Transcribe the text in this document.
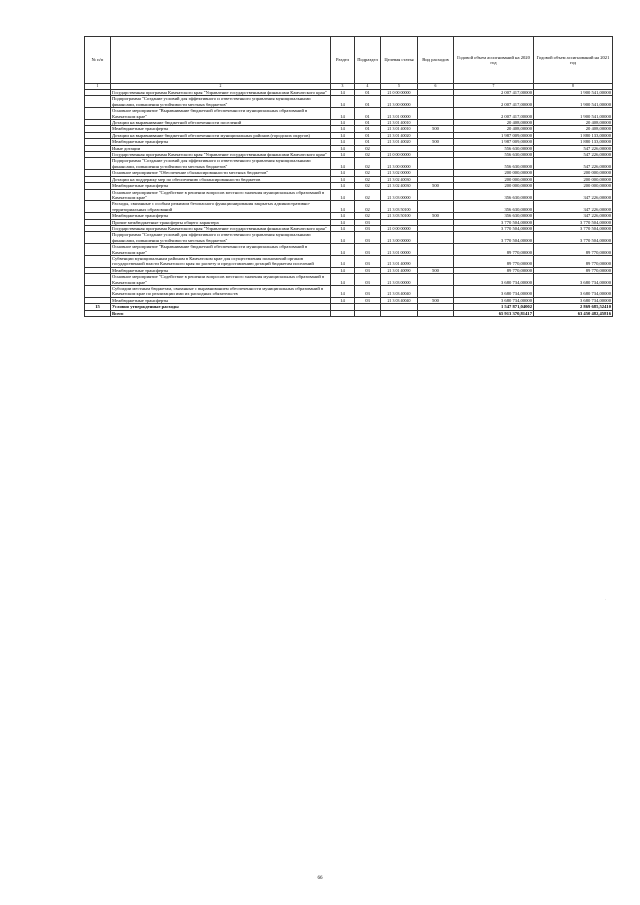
№ п/п		Раздел	Подраздел	Целевая статья	Вид расходов	Годовой объем ассигнований на 2020 год	Годовой объем ассигнований на 2021 год
1	2	3	4	5	6	7	8
	Государственная программа Камчатского края "Управление государственными финансами Камчатского края"	14	01	21 0 00 00000		2 007 417,00000	1 900 541,00000
	Подпрограмма "Создание условий для эффективного и ответственного управления муниципальными финансами, повышения устойчивости местных бюджетов"	14	01	21 3 00 00000		2 007 417,00000	1 900 541,00000
	Основное мероприятие "Выравнивание бюджетной обеспеченности муниципальных образований в Камчатском крае"	14	01	21 3 01 00000		2 007 417,00000	1 900 541,00000
	Дотации на выравнивание бюджетной обеспеченности поселений	14	01	21 3 01 40010		20 408,00000	20 408,00000
	Межбюджетные трансферты	14	01	21 3 01 40010	500	20 408,00000	20 408,00000
	Дотации на выравнивание бюджетной обеспеченности муниципальных районов (городских округов)	14	01	21 3 01 40020		1 987 009,00000	1 880 133,00000
	Межбюджетные трансферты	14	01	21 3 01 40020	500	1 987 009,00000	1 880 133,00000
	Иные дотации	14	02			556 630,00000	547 226,00000
	Государственная программа Камчатского края "Управление государственными финансами Камчатского края"	14	02	21 0 00 00000		556 630,00000	547 226,00000
	Подпрограмма "Создание условий для эффективного и ответственного управления муниципальными финансами, повышения устойчивости местных бюджетов"	14	02	21 3 00 00000		556 630,00000	547 226,00000
	Основное мероприятие "Обеспечение сбалансированности местных бюджетов"	14	02	21 3 02 00000		200 000,00000	200 000,00000
	Дотации на поддержку мер по обеспечению сбалансированности бюджетов	14	02	21 3 02 40030		200 000,00000	200 000,00000
	Межбюджетные трансферты	14	02	21 3 02 40030	500	200 000,00000	200 000,00000
	Основное мероприятие "Содействие в решении вопросов местного значения муниципальных образований в Камчатском крае"	14	02	21 3 03 00000		356 630,00000	347 226,00000
	Расходы, связанные с особым режимом безопасного функционирования закрытых административно-территориальных образований	14	02	21 3 03 50100		356 630,00000	347 226,00000
	Межбюджетные трансферты	14	02	21 3 03 50100	500	356 630,00000	347 226,00000
	Прочие межбюджетные трансферты общего характера	14	03			3 770 504,00000	3 770 504,00000
	Государственная программа Камчатского края "Управление государственными финансами Камчатского края"	14	03	21 0 00 00000		3 770 504,00000	3 770 504,00000
	Подпрограмма "Создание условий для эффективного и ответственного управления муниципальными финансами, повышения устойчивости местных бюджетов"	14	03	21 3 00 00000		3 770 504,00000	3 770 504,00000
	Основное мероприятие "Выравнивание бюджетной обеспеченности муниципальных образований в Камчатском крае"	14	03	21 3 01 00000		89 770,00000	89 770,00000
	Субвенции муниципальным районам в Камчатском крае для осуществления полномочий органов государственной власти Камчатского края по расчету и предоставлению дотаций бюджетам поселений	14	03	21 3 01 40090		89 770,00000	89 770,00000
	Межбюджетные трансферты	14	03	21 3 01 40090	500	89 770,00000	89 770,00000
	Основное мероприятие "Содействие в решении вопросов местного значения муниципальных образований в Камчатском крае"	14	03	21 3 03 00000		3 680 734,00000	3 680 734,00000
	Субсидии местным бюджетам, связанные с выравниванием обеспеченности муниципальных образований в Камчатском крае по реализации ими их расходных обязательств	14	03	21 3 03 40040		3 680 734,00000	3 680 734,00000
	Межбюджетные трансферты	14	03	21 3 03 40040	500	3 680 734,00000	3 680 734,00000
15	Условно утвержденные расходы					1 547 871,04002	2 869 685,52410
	Всего					65 913 370,81417	63 450 482,45816
66
.
